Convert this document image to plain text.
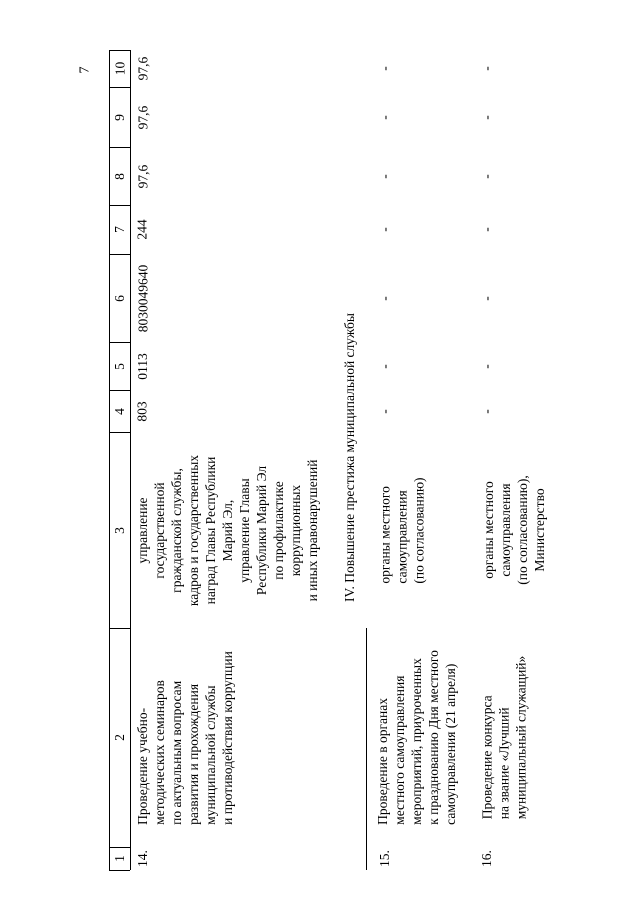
7 10
9
8
7
6
5
4
3
2
1 14.
Проведение учебно-
методических семинаров
по актуальным вопросам
развития и прохождения
муниципальной службы
и противодействия коррупции
управление
государственной
гражданской службы,
кадров и государственных
наград Главы Республики
Марий Эл,
управление Главы
Республики Марий Эл
по профилактике
коррупционных
и иных правонарушений
803
0113
8030049640
244
97,6
97,6
97,6
IV. Повышение престижа муниципальной службы
15.
Проведение в органах
местного самоуправления
мероприятий, приуроченных
к празднованию Дня местного
самоуправления (21 апреля)
органы местного
самоуправления
(по согласованию)
-
-
-
-
-
-
-
16.
Проведение конкурса
на звание «Лучший
муниципальный служащий»
органы местного
самоуправления
(по согласованию),
Министерство
-
-
-
-
-
-
-
